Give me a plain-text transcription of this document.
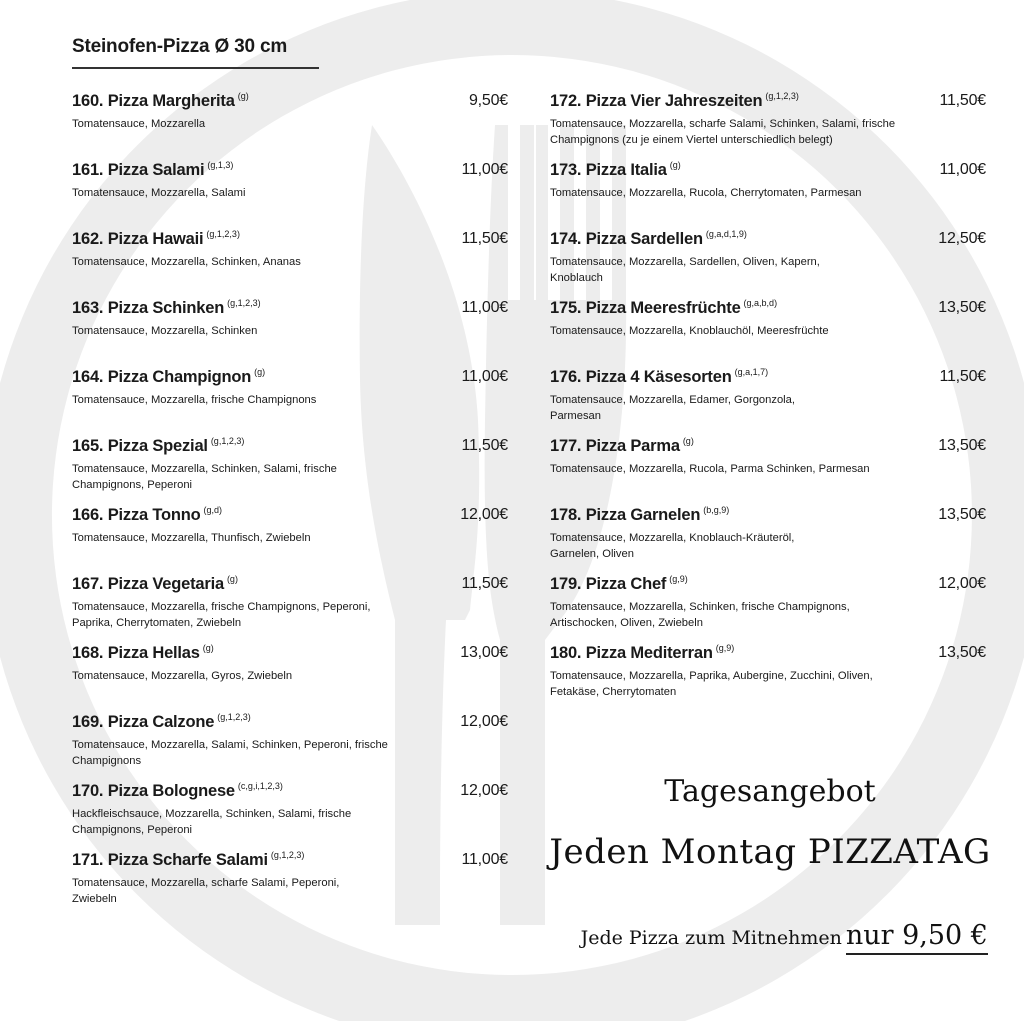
Steinofen-Pizza Ø 30 cm
160. Pizza Margherita $^{(g)}$	9,50€
Tomatensauce, Mozzarella
161. Pizza Salami $^{(g,1,3)}$	11,00€
Tomatensauce, Mozzarella, Salami
162. Pizza Hawaii $^{(g,1,2,3)}$	11,50€
Tomatensauce, Mozzarella, Schinken, Ananas
163. Pizza Schinken $^{(g,1,2,3)}$	11,00€
Tomatensauce, Mozzarella, Schinken
164. Pizza Champignon $^{(g)}$	11,00€
Tomatensauce, Mozzarella, frische Champignons
165. Pizza Spezial $^{(g,1,2,3)}$	11,50€
Tomatensauce, Mozzarella, Schinken, Salami, frische Champignons, Peperoni
166. Pizza Tonno $^{(g,d)}$	12,00€
Tomatensauce, Mozzarella, Thunfisch, Zwiebeln
167. Pizza Vegetaria $^{(g)}$	11,50€
Tomatensauce, Mozzarella, frische Champignons, Peperoni, Paprika, Cherrytomaten, Zwiebeln
168. Pizza Hellas $^{(g)}$	13,00€
Tomatensauce, Mozzarella, Gyros, Zwiebeln
169. Pizza Calzone $^{(g,1,2,3)}$	12,00€
Tomatensauce, Mozzarella, Salami, Schinken, Peperoni, frische Champignons
170. Pizza Bolognese $^{(c,g,i,1,2,3)}$	12,00€
Hackfleischsauce, Mozzarella, Schinken, Salami, frische Champignons, Peperoni
171. Pizza Scharfe Salami $^{(g,1,2,3)}$	11,00€
Tomatensauce, Mozzarella, scharfe Salami, Peperoni, Zwiebeln
172. Pizza Vier Jahreszeiten $^{(g,1,2,3)}$	11,50€
Tomatensauce, Mozzarella, scharfe Salami, Schinken, Salami, frische Champignons (zu je einem Viertel unterschiedlich belegt)
173. Pizza Italia $^{(g)}$	11,00€
Tomatensauce, Mozzarella, Rucola, Cherrytomaten, Parmesan
174. Pizza Sardellen $^{(g,a,d,1,9)}$	12,50€
Tomatensauce, Mozzarella, Sardellen, Oliven, Kapern, Knoblauch
175. Pizza Meeresfrüchte $^{(g,a,b,d)}$	13,50€
Tomatensauce, Mozzarella, Knoblauchöl, Meeresfrüchte
176. Pizza 4 Käsesorten $^{(g,a,1,7)}$	11,50€
Tomatensauce, Mozzarella, Edamer, Gorgonzola, Parmesan
177. Pizza Parma $^{(g)}$	13,50€
Tomatensauce, Mozzarella, Rucola, Parma Schinken, Parmesan
178. Pizza Garnelen $^{(b,g,9)}$	13,50€
Tomatensauce, Mozzarella, Knoblauch-Kräuteröl, Garnelen, Oliven
179. Pizza Chef $^{(g,9)}$	12,00€
Tomatensauce, Mozzarella, Schinken, frische Champignons, Artischocken, Oliven, Zwiebeln
180. Pizza Mediterran $^{(g,9)}$	13,50€
Tomatensauce, Mozzarella, Paprika, Aubergine, Zucchini, Oliven, Fetakäse, Cherrytomaten
Tagesangebot
Jeden Montag PIZZATAG
Jede Pizza zum Mitnehmen nur 9,50 €
